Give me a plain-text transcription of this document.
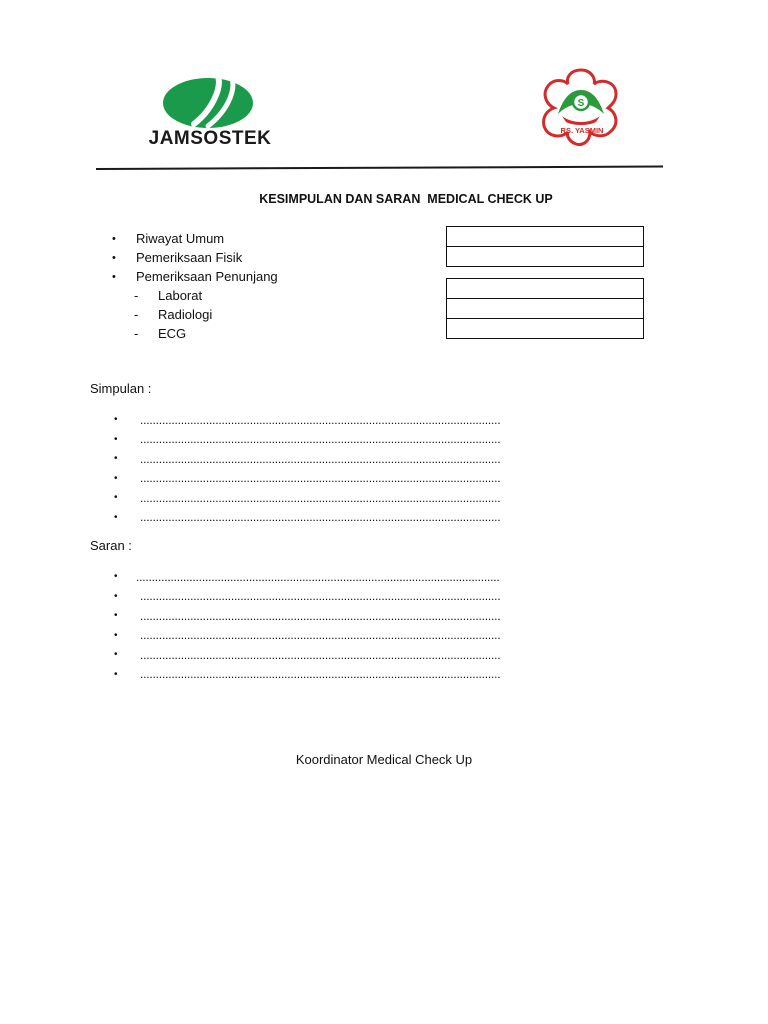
JAMSOSTEK
S
W
RS. YASMIN
KESIMPULAN DAN SARAN  MEDICAL CHECK UP
•	Riwayat Umum
•	Pemeriksaan Fisik
•	Pemeriksaan Penunjang
-	Laborat
-	Radiologi
-	ECG
Simpulan :
•	...................................................................................................................
•	...................................................................................................................
•	...................................................................................................................
•	...................................................................................................................
•	...................................................................................................................
•	...................................................................................................................
Saran :
•	....................................................................................................................
•	...................................................................................................................
•	...................................................................................................................
•	...................................................................................................................
•	...................................................................................................................
•	...................................................................................................................
Koordinator Medical Check Up
